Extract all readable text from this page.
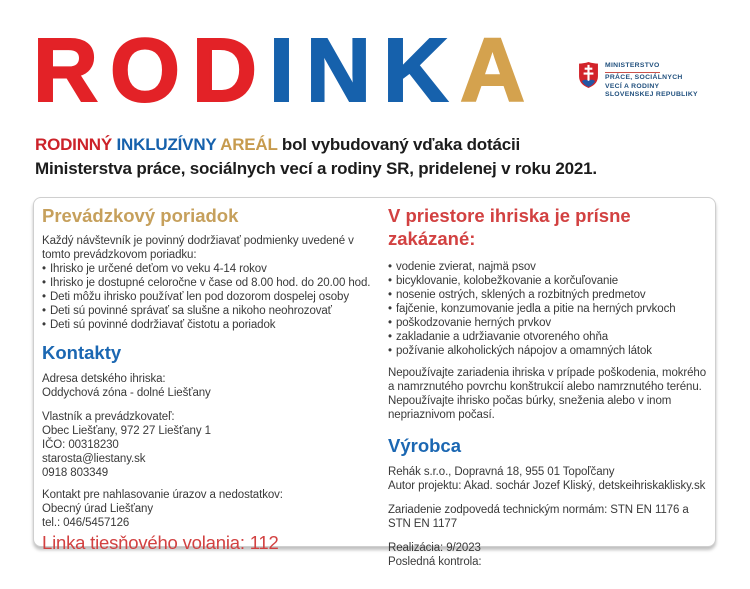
RODINKA	MINISTERSTVO
PRÁCE, SOCIÁLNYCH
VECÍ A RODINY
SLOVENSKEJ REPUBLIKY
RODINNÝ INKLUZÍVNY AREÁL bol vybudovaný vďaka dotácii
Ministerstva práce, sociálnych vecí a rodiny SR, pridelenej v roku 2021.
Prevádzkový poriadok
Každý návštevník je povinný dodržiavať podmienky uvedené v tomto prevádzkovom poriadku:
• Ihrisko je určené deťom vo veku 4-14 rokov
• Ihrisko je dostupné celoročne v čase od 8.00 hod. do 20.00 hod.
• Deti môžu ihrisko používať len pod dozorom dospelej osoby
• Deti sú povinné správať sa slušne a nikoho neohrozovať
• Deti sú povinné dodržiavať čistotu a poriadok
Kontakty
Adresa detského ihriska:
Oddychová zóna - dolné Liešťany
Vlastník a prevádzkovateľ:
Obec Liešťany, 972 27 Liešťany 1
IČO: 00318230
starosta@liestany.sk
0918 803349
Kontakt pre nahlasovanie úrazov a nedostatkov:
Obecný úrad Liešťany
tel.: 046/5457126
Linka tiesňového volania: 112
V priestore ihriska je prísne zakázané:
• vodenie zvierat, najmä psov
• bicyklovanie, kolobežkovanie a korčuľovanie
• nosenie ostrých, sklených a rozbitných predmetov
• fajčenie, konzumovanie jedla a pitie na herných prvkoch
• poškodzovanie herných prvkov
• zakladanie a udržiavanie otvoreného ohňa
• požívanie alkoholických nápojov a omamných látok
Nepoužívajte zariadenia ihriska v prípade poškodenia, mokrého a namrznutého povrchu konštrukcií alebo namrznutého terénu. Nepoužívajte ihrisko počas búrky, sneženia alebo v inom nepriaznivom počasí.
Výrobca
Rehák s.r.o., Dopravná 18, 955 01 Topoľčany
Autor projektu: Akad. sochár Jozef Kliský, detskeihriskaklisky.sk
Zariadenie zodpovedá technickým normám: STN EN 1176 a STN EN 1177
Realizácia: 9/2023
Posledná kontrola:
